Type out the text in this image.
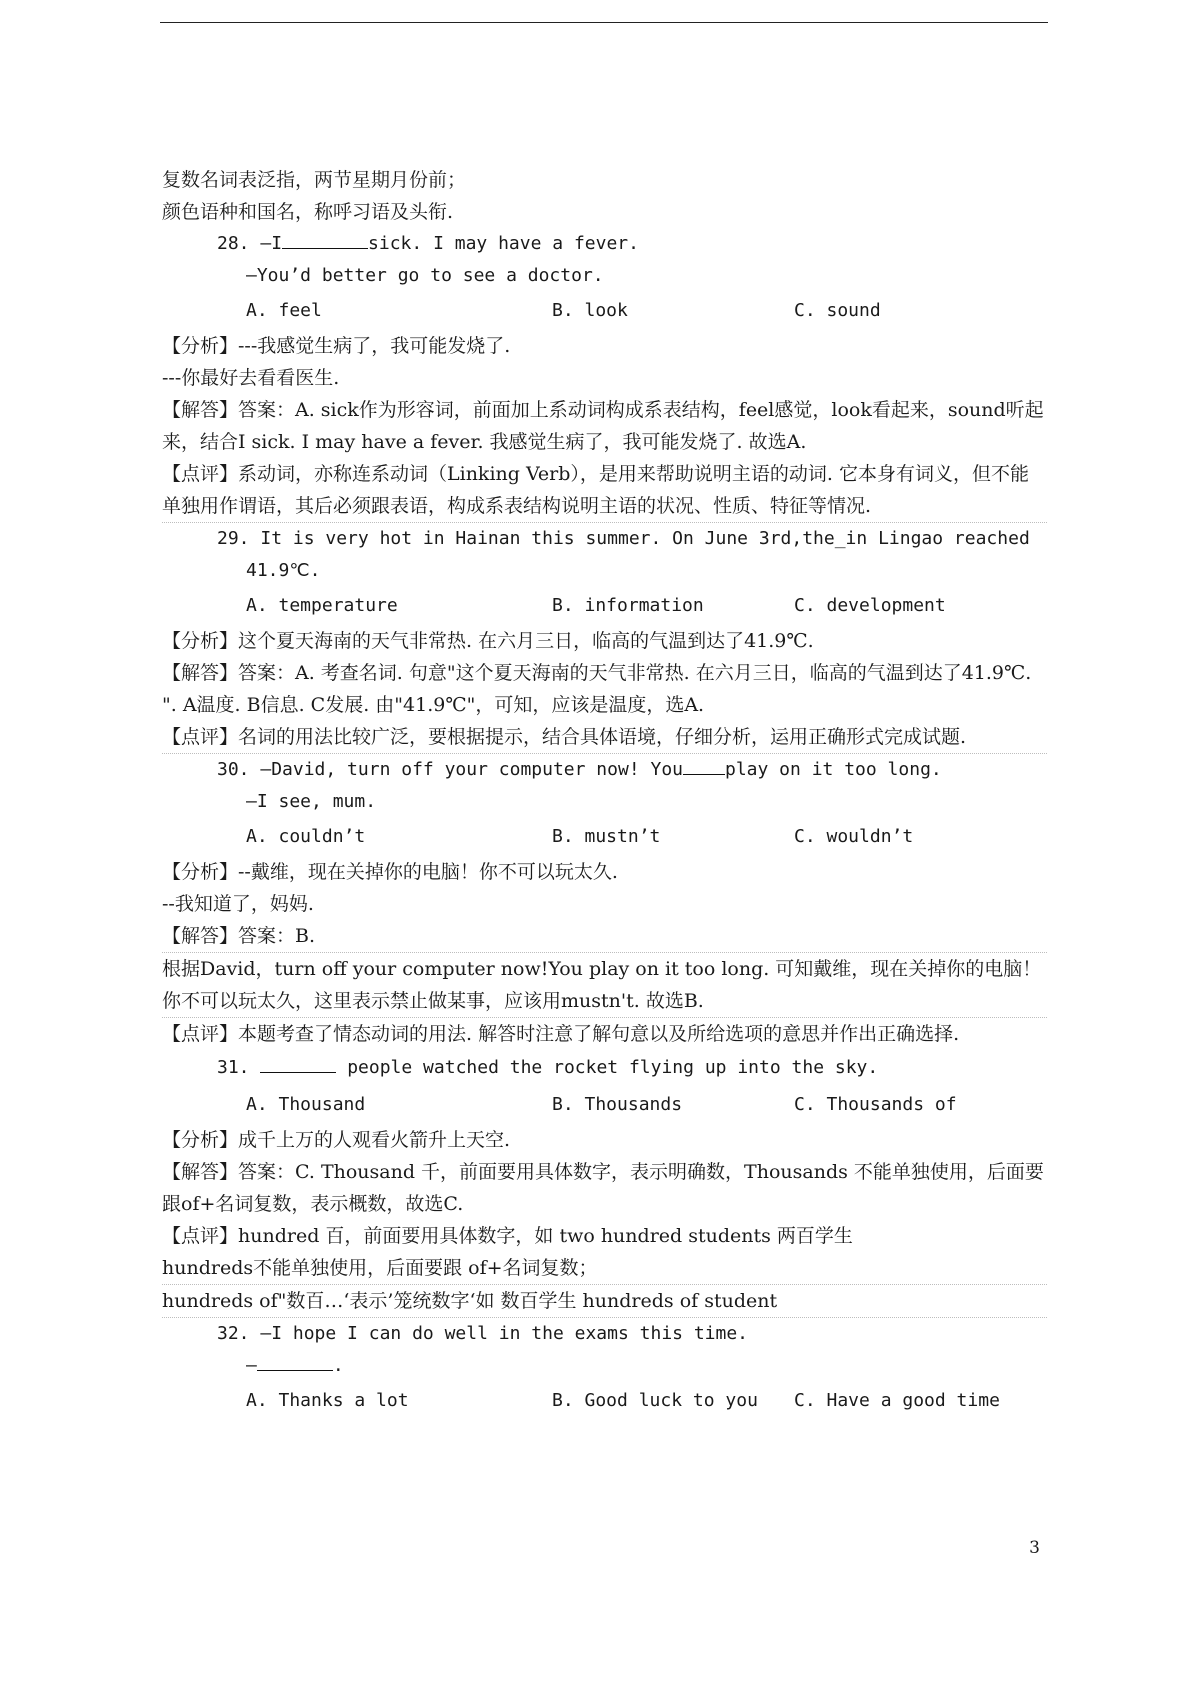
复数名词表泛指，两节星期月份前；
颜色语种和国名，称呼习语及头衔.
28. —I	sick. I may have a fever.
—You’d better go to see a doctor.
A. feel	B. look	C. sound
【分析】---我感觉生病了，我可能发烧了.
---你最好去看看医生.
【解答】答案：A. sick作为形容词，前面加上系动词构成系表结构，feel感觉，look看起来，sound听起来，结合I sick. I may have a fever. 我感觉生病了，我可能发烧了. 故选A.
【点评】系动词，亦称连系动词（Linking Verb），是用来帮助说明主语的动词. 它本身有词义，但不能单独用作谓语，其后必须跟表语，构成系表结构说明主语的状况、性质、特征等情况.
29. It is very hot in Hainan this summer. On June 3rd,the_in Lingao reached
41.9℃.
A. temperature	B. information	C. development
【分析】这个夏天海南的天气非常热. 在六月三日，临高的气温到达了41.9℃.
【解答】答案：A. 考查名词. 句意"这个夏天海南的天气非常热. 在六月三日，临高的气温到达了41.9℃. ". A温度. B信息. C发展. 由"41.9℃"，可知，应该是温度，选A.
【点评】名词的用法比较广泛，要根据提示，结合具体语境，仔细分析，运用正确形式完成试题.
30. —David, turn off your computer now! You play on it too long.
—I see, mum.
A. couldn’t	B. mustn’t	C. wouldn’t
【分析】--戴维，现在关掉你的电脑！你不可以玩太久.
--我知道了，妈妈.
【解答】答案：B.
根据David，turn off your computer now!You play on it too long. 可知戴维，现在关掉你的电脑！你不可以玩太久，这里表示禁止做某事，应该用mustn't. 故选B.
【点评】本题考查了情态动词的用法. 解答时注意了解句意以及所给选项的意思并作出正确选择.
31.	people watched the rocket flying up into the sky.
A. Thousand	B. Thousands	C. Thousands of
【分析】成千上万的人观看火箭升上天空.
【解答】答案：C. Thousand 千，前面要用具体数字，表示明确数，Thousands 不能单独使用，后面要跟of+名词复数，表示概数，故选C.
【点评】hundred 百，前面要用具体数字，如 two hundred students 两百学生
hundreds不能单独使用，后面要跟 of+名词复数；
hundreds of"数百…‘表示’笼统数字‘如 数百学生 hundreds of student
32. —I hope I can do well in the exams this time.
—	.
A. Thanks a lot	B. Good luck to you	C. Have a good time
3
